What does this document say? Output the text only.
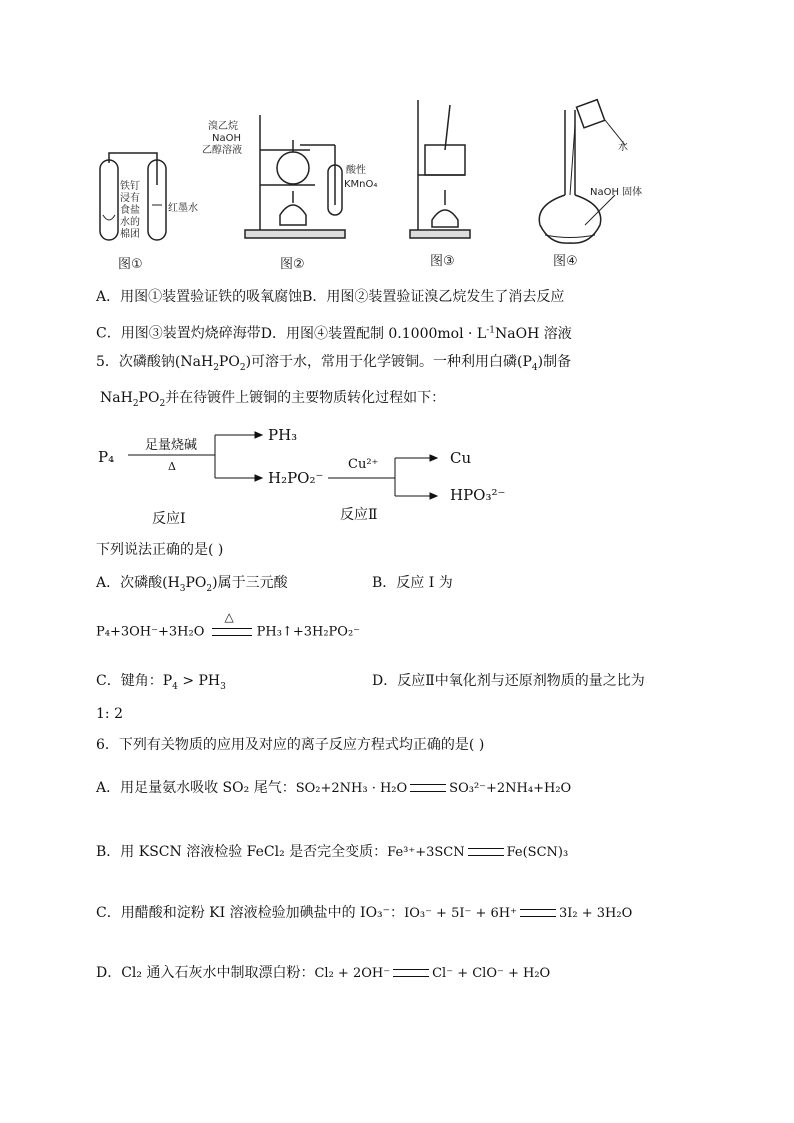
铁钉
浸有
食盐
水的
棉团
红墨水
图①
溴乙烷
NaOH
乙醇溶液
酸性
KMnO₄
图②	图③
水
NaOH 固体
图④
A．用图①装置验证铁的吸氧腐蚀B．用图②装置验证溴乙烷发生了消去反应
C．用图③装置灼烧碎海带D．用图④装置配制 $0.1000mol \cdot L^{-1}NaOH$ 溶液
5．次磷酸钠$(NaH_2PO_2)$可溶于水，常用于化学镀铜。一种利用白磷$(P_4)$制备
$NaH_2PO_2$并在待镀件上镀铜的主要物质转化过程如下：
P₄
足量烧碱
Δ
PH₃
H₂PO₂⁻
Cu²⁺	Cu
HPO₃²⁻
反应Ⅰ	反应Ⅱ
下列说法正确的是( )
A．次磷酸$(H_3PO_2)$属于三元酸	B．反应 I 为
P₄+3OH⁻+3H₂O
△
PH₃↑+3H₂PO₂⁻
C．键角：$P_4 > PH_3$	D．反应Ⅱ中氧化剂与还原剂物质的量之比为
1: 2
6．下列有关物质的应用及对应的离子反应方程式均正确的是( )
A．用足量氨水吸收 SO₂ 尾气：SO₂+2NH₃ · H₂O	SO₃²⁻+2NH₄+H₂O
B．用 KSCN 溶液检验 FeCl₂ 是否完全变质：Fe³⁺+3SCN	Fe(SCN)₃
C．用醋酸和淀粉 KI 溶液检验加碘盐中的 IO₃⁻：IO₃⁻ + 5I⁻ + 6H⁺	3I₂ + 3H₂O
D．Cl₂ 通入石灰水中制取漂白粉：Cl₂ + 2OH⁻	Cl⁻ + ClO⁻ + H₂O
